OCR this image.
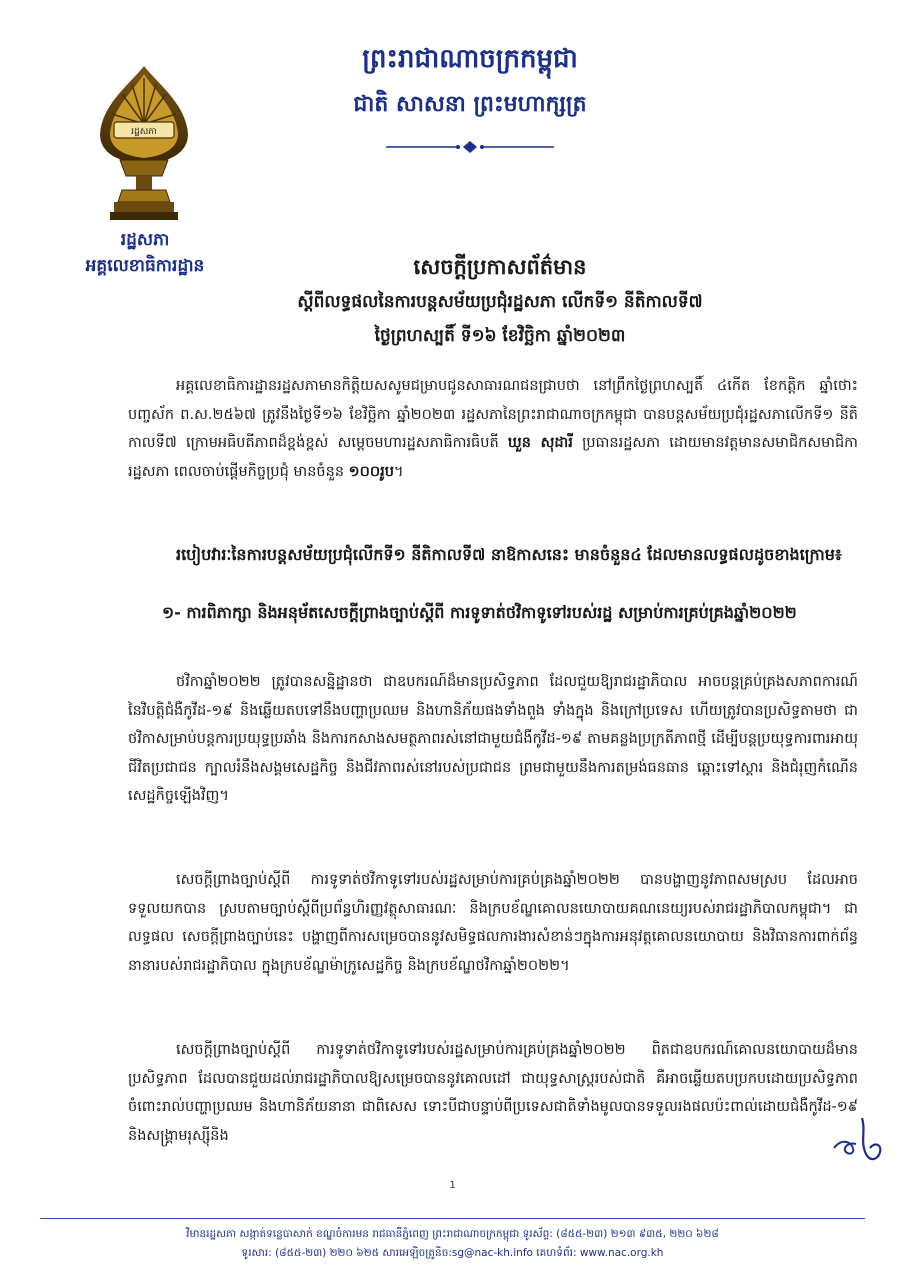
រដ្ឋសភា
រដ្ឋសភា
អគ្គលេខាធិការដ្ឋាន
ព្រះរាជាណាចក្រកម្ពុជា
ជាតិ សាសនា ព្រះមហាក្សត្រ
សេចក្តីប្រកាសព័ត៌មាន
ស្តីពីលទ្ធផលនៃការបន្តសម័យប្រជុំរដ្ឋសភា លើកទី១ នីតិកាលទី៧
ថ្ងៃព្រហស្បតិ៍ ទី១៦ ខែវិច្ឆិកា ឆ្នាំ២០២៣

អគ្គលេខាធិការដ្ឋានរដ្ឋសភាមានកិត្តិយសសូមជម្រាបជូនសាធារណជនជ្រាបថា នៅព្រឹកថ្ងៃព្រហស្បតិ៍ ៤កើត ខែកត្តិក ឆ្នាំថោះ បញ្ចស័ក ព.ស.២៥៦៧ ត្រូវនឹងថ្ងៃទី១៦ ខែវិច្ឆិកា ឆ្នាំ២០២៣ រដ្ឋសភានៃព្រះរាជាណាចក្រកម្ពុជា បានបន្តសម័យប្រជុំរដ្ឋសភាលើកទី១ នីតិកាលទី៧ ក្រោមអធិបតីភាពដ៏ខ្ពង់ខ្ពស់ សម្តេចមហារដ្ឋសភាធិការធិបតី ឃួន សុដារី ប្រធានរដ្ឋសភា ដោយមានវត្តមានសមាជិកសមាជិការដ្ឋសភា ពេលចាប់ផ្តើមកិច្ចប្រជុំ មានចំនួន ១០០រូប។

របៀបវារៈនៃការបន្តសម័យប្រជុំលើកទី១ នីតិកាលទី៧ នាឱកាសនេះ មានចំនួន៤ ដែលមានលទ្ធផលដូចខាងក្រោម៖

១- ការពិភាក្សា និងអនុម័តសេចក្តីព្រាងច្បាប់ស្តីពី ការទូទាត់ថវិកាទូទៅរបស់រដ្ឋ សម្រាប់ការគ្រប់គ្រងឆ្នាំ២០២២

ថវិកាឆ្នាំ២០២២ ត្រូវបានសន្និដ្ឋានថា ជាឧបករណ៍ដ៏មានប្រសិទ្ធភាព ដែលជួយឱ្យរាជរដ្ឋាភិបាល អាចបន្តគ្រប់គ្រងសភាពការណ៍នៃវិបត្តិជំងឺកូវីដ-១៩ និងឆ្លើយតបទៅនឹងបញ្ហាប្រឈម និងហានិភ័យផងទាំងពួង ទាំងក្នុង និងក្រៅប្រទេស ហើយត្រូវបានប្រសិទ្ធតាមថា ជាថវិកាសម្រាប់បន្តការប្រយុទ្ធប្រឆាំង និងការកសាងសមត្ថភាពរស់នៅជាមួយជំងឺកូវីដ-១៩ តាមគន្លងប្រក្រតីភាពថ្មី ដើម្បីបន្តប្រយុទ្ធការពារអាយុជីវិតប្រជាជន ក្បាលរំនឹងសង្គមសេដ្ឋកិច្ច និងជីវភាពរស់នៅរបស់ប្រជាជន ព្រមជាមួយនឹងការតម្រង់ធនធាន ឆ្ពោះទៅស្តារ និងជំរុញកំណើនសេដ្ឋកិច្ចឡើងវិញ។

សេចក្តីព្រាងច្បាប់ស្តីពី ការទូទាត់ថវិកាទូទៅរបស់រដ្ឋសម្រាប់ការគ្រប់គ្រងឆ្នាំ២០២២ បានបង្ហាញនូវភាពសមស្រប ដែលអាចទទួលយកបាន ស្របតាមច្បាប់ស្តីពីប្រព័ន្ធហិរញ្ញវត្ថុសាធារណៈ និងក្របខ័ណ្ឌគោលនយោបាយគណនេយ្យរបស់រាជរដ្ឋាភិបាលកម្ពុជា។ ជាលទ្ធផល សេចក្តីព្រាងច្បាប់នេះ បង្ហាញពីការសម្រេចបាននូវសមិទ្ធផលការងារសំខាន់ៗក្នុងការអនុវត្តគោលនយោបាយ និងវិធានការពាក់ព័ន្ធនានារបស់រាជរដ្ឋាភិបាល ក្នុងក្របខ័ណ្ឌម៉ាក្រូសេដ្ឋកិច្ច និងក្របខ័ណ្ឌថវិកាឆ្នាំ២០២២។

សេចក្តីព្រាងច្បាប់ស្តីពី ការទូទាត់ថវិកាទូទៅរបស់រដ្ឋសម្រាប់ការគ្រប់គ្រងឆ្នាំ២០២២ ពិតជាឧបករណ៍គោលនយោបាយដ៏មានប្រសិទ្ធភាព ដែលបានជួយដល់រាជរដ្ឋាភិបាលឱ្យសម្រេចបាននូវគោលដៅ ជាយុទ្ធសាស្ត្ររបស់ជាតិ គឺអាចឆ្លើយតបប្រកបដោយប្រសិទ្ធភាពចំពោះរាល់បញ្ហាប្រឈម និងហានិភ័យនានា ជាពិសេស ទោះបីជាបន្ទាប់ពីប្រទេសជាតិទាំងមូលបានទទួលរងផលប៉ះពាល់ដោយជំងឺកូវីដ-១៩ និងសង្គ្រាមរុស្ស៊ីនិង

1
វិមានរដ្ឋសភា សង្កាត់ទន្លេបាសាក់ ខណ្ឌចំការមន រាជធានីភ្នំពេញ ព្រះរាជាណាចក្រកម្ពុជា ទូរស័ព្ទ: (៨៥៥-២៣) ២១៣ ៩៣៥, ២២០ ៦២៨
ទូរសារ: (៨៥៥-២៣) ២២០ ៦២៥ សារអេឡិចត្រូនិច:sg@nac-kh.info គេហទំព័រ: www.nac.org.kh
